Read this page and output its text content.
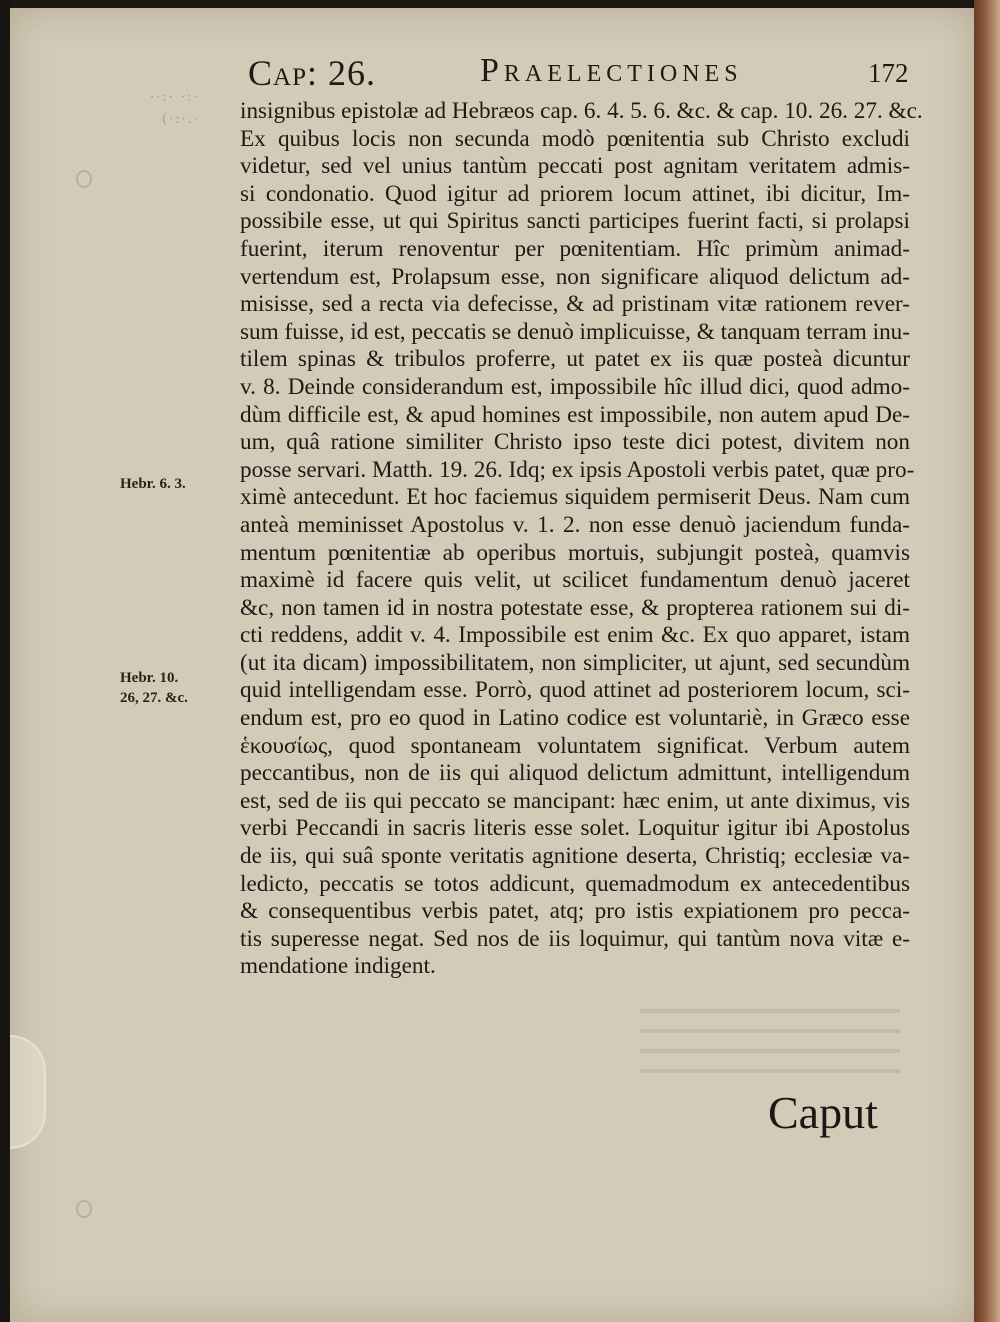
··:· ·:·
(·:·.·
Cap: 26.	Praelectiones	172
insignibus epistolæ ad Hebræos cap. 6. 4. 5. 6. &c. & cap. 10. 26. 27. &c.
Ex quibus locis non secunda modò pœnitentia sub Christo excludi
videtur, sed vel unius tantùm peccati post agnitam veritatem admis-
si condonatio. Quod igitur ad priorem locum attinet, ibi dicitur, Im-
possibile esse, ut qui Spiritus sancti participes fuerint facti, si prolapsi
fuerint, iterum renoventur per pœnitentiam. Hîc primùm animad-
vertendum est, Prolapsum esse, non significare aliquod delictum ad-
misisse, sed a recta via defecisse, & ad pristinam vitæ rationem rever-
sum fuisse, id est, peccatis se denuò implicuisse, & tanquam terram inu-
tilem spinas & tribulos proferre, ut patet ex iis quæ posteà dicuntur
v. 8. Deinde considerandum est, impossibile hîc illud dici, quod admo-
dùm difficile est, & apud homines est impossibile, non autem apud De-
um, quâ ratione similiter Christo ipso teste dici potest, divitem non
posse servari. Matth. 19. 26. Idq; ex ipsis Apostoli verbis patet, quæ pro-
ximè antecedunt. Et hoc faciemus siquidem permiserit Deus. Nam cum
anteà meminisset Apostolus v. 1. 2. non esse denuò jaciendum funda-
mentum pœnitentiæ ab operibus mortuis, subjungit posteà, quamvis
maximè id facere quis velit, ut scilicet fundamentum denuò jaceret
&c, non tamen id in nostra potestate esse, & propterea rationem sui di-
cti reddens, addit v. 4. Impossibile est enim &c. Ex quo apparet, istam
(ut ita dicam) impossibilitatem, non simpliciter, ut ajunt, sed secundùm
quid intelligendam esse. Porrò, quod attinet ad posteriorem locum, sci-
endum est, pro eo quod in Latino codice est voluntariè, in Græco esse
ἑκουσίως, quod spontaneam voluntatem significat. Verbum autem
peccantibus, non de iis qui aliquod delictum admittunt, intelligendum
est, sed de iis qui peccato se mancipant: hæc enim, ut ante diximus, vis
verbi Peccandi in sacris literis esse solet. Loquitur igitur ibi Apostolus
de iis, qui suâ sponte veritatis agnitione deserta, Christiq; ecclesiæ va-
ledicto, peccatis se totos addicunt, quemadmodum ex antecedentibus
& consequentibus verbis patet, atq; pro istis expiationem pro pecca-
tis superesse negat. Sed nos de iis loquimur, qui tantùm nova vitæ e-
mendatione indigent.
Hebr. 6. 3.
Hebr. 10.
26, 27. &c.
Caput
